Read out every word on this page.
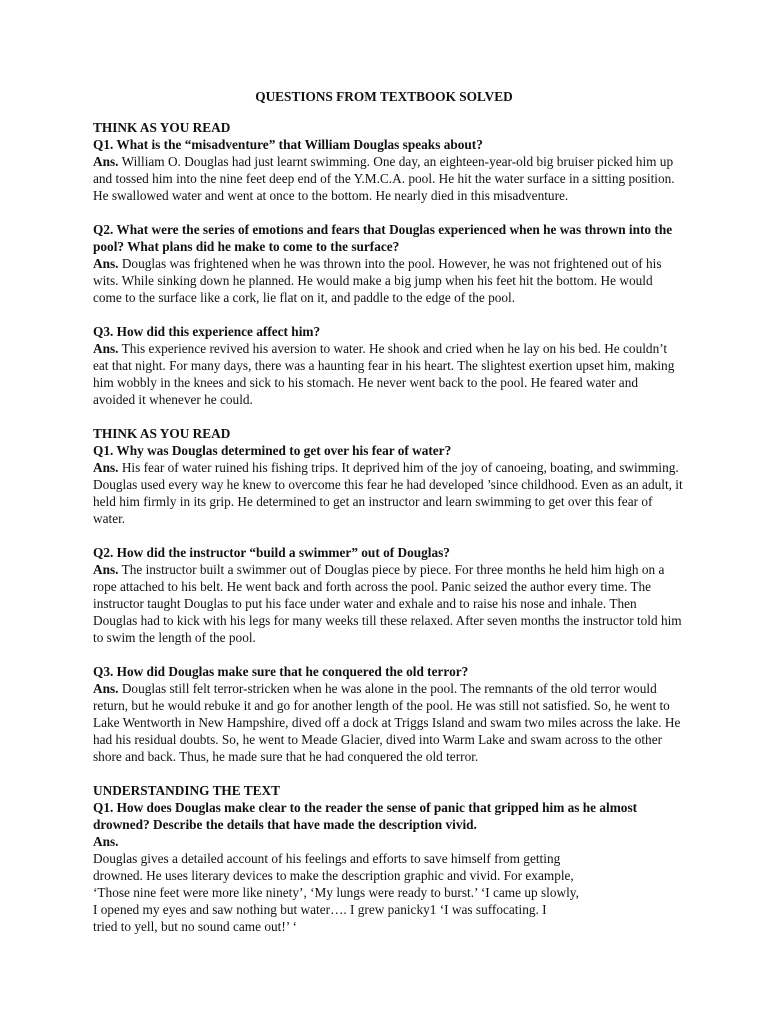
QUESTIONS FROM TEXTBOOK SOLVED

THINK AS YOU READ

Q1. What is the “misadventure” that William Douglas speaks about?

Ans. William O. Douglas had just learnt swimming. One day, an eighteen-year-old big bruiser picked him up and tossed him into the nine feet deep end of the Y.M.C.A. pool. He hit the water surface in a sitting position. He swallowed water and went at once to the bottom. He nearly died in this misadventure.

Q2. What were the series of emotions and fears that Douglas experienced when he was thrown into the pool? What plans did he make to come to the surface?

Ans. Douglas was frightened when he was thrown into the pool. However, he was not frightened out of his wits. While sinking down he planned. He would make a big jump when his feet hit the bottom. He would come to the surface like a cork, lie flat on it, and paddle to the edge of the pool.

Q3. How did this experience affect him?

Ans. This experience revived his aversion to water. He shook and cried when he lay on his bed. He couldn’t eat that night. For many days, there was a haunting fear in his heart. The slightest exertion upset him, making him wobbly in the knees and sick to his stomach. He never went back to the pool. He feared water and avoided it whenever he could.

THINK AS YOU READ

Q1. Why was Douglas determined to get over his fear of water?

Ans. His fear of water ruined his fishing trips. It deprived him of the joy of canoeing, boating, and swimming. Douglas used every way he knew to overcome this fear he had developed ’since childhood. Even as an adult, it held him firmly in its grip. He determined to get an instructor and learn swimming to get over this fear of water.

Q2. How did the instructor “build a swimmer” out of Douglas?

Ans. The instructor built a swimmer out of Douglas piece by piece. For three months he held him high on a rope attached to his belt. He went back and forth across the pool. Panic seized the author every time. The instructor taught Douglas to put his face under water and exhale and to raise his nose and inhale. Then Douglas had to kick with his legs for many weeks till these relaxed. After seven months the instructor told him to swim the length of the pool.

Q3. How did Douglas make sure that he conquered the old terror?

Ans. Douglas still felt terror-stricken when he was alone in the pool. The remnants of the old terror would return, but he would rebuke it and go for another length of the pool. He was still not satisfied. So, he went to Lake Wentworth in New Hampshire, dived off a dock at Triggs Island and swam two miles across the lake. He had his residual doubts. So, he went to Meade Glacier, dived into Warm Lake and swam across to the other shore and back. Thus, he made sure that he had conquered the old terror.

UNDERSTANDING THE TEXT

Q1. How does Douglas make clear to the reader the sense of panic that gripped him as he almost drowned? Describe the details that have made the description vivid.

Ans.
Douglas gives a detailed account of his feelings and efforts to save himself from getting
drowned. He uses literary devices to make the description graphic and vivid. For example,
‘Those nine feet were more like ninety’, ‘My lungs were ready to burst.’ ‘I came up slowly,
I opened my eyes and saw nothing but water…. I grew panicky1 ‘I was suffocating. I
tried to yell, but no sound came out!’ ‘
